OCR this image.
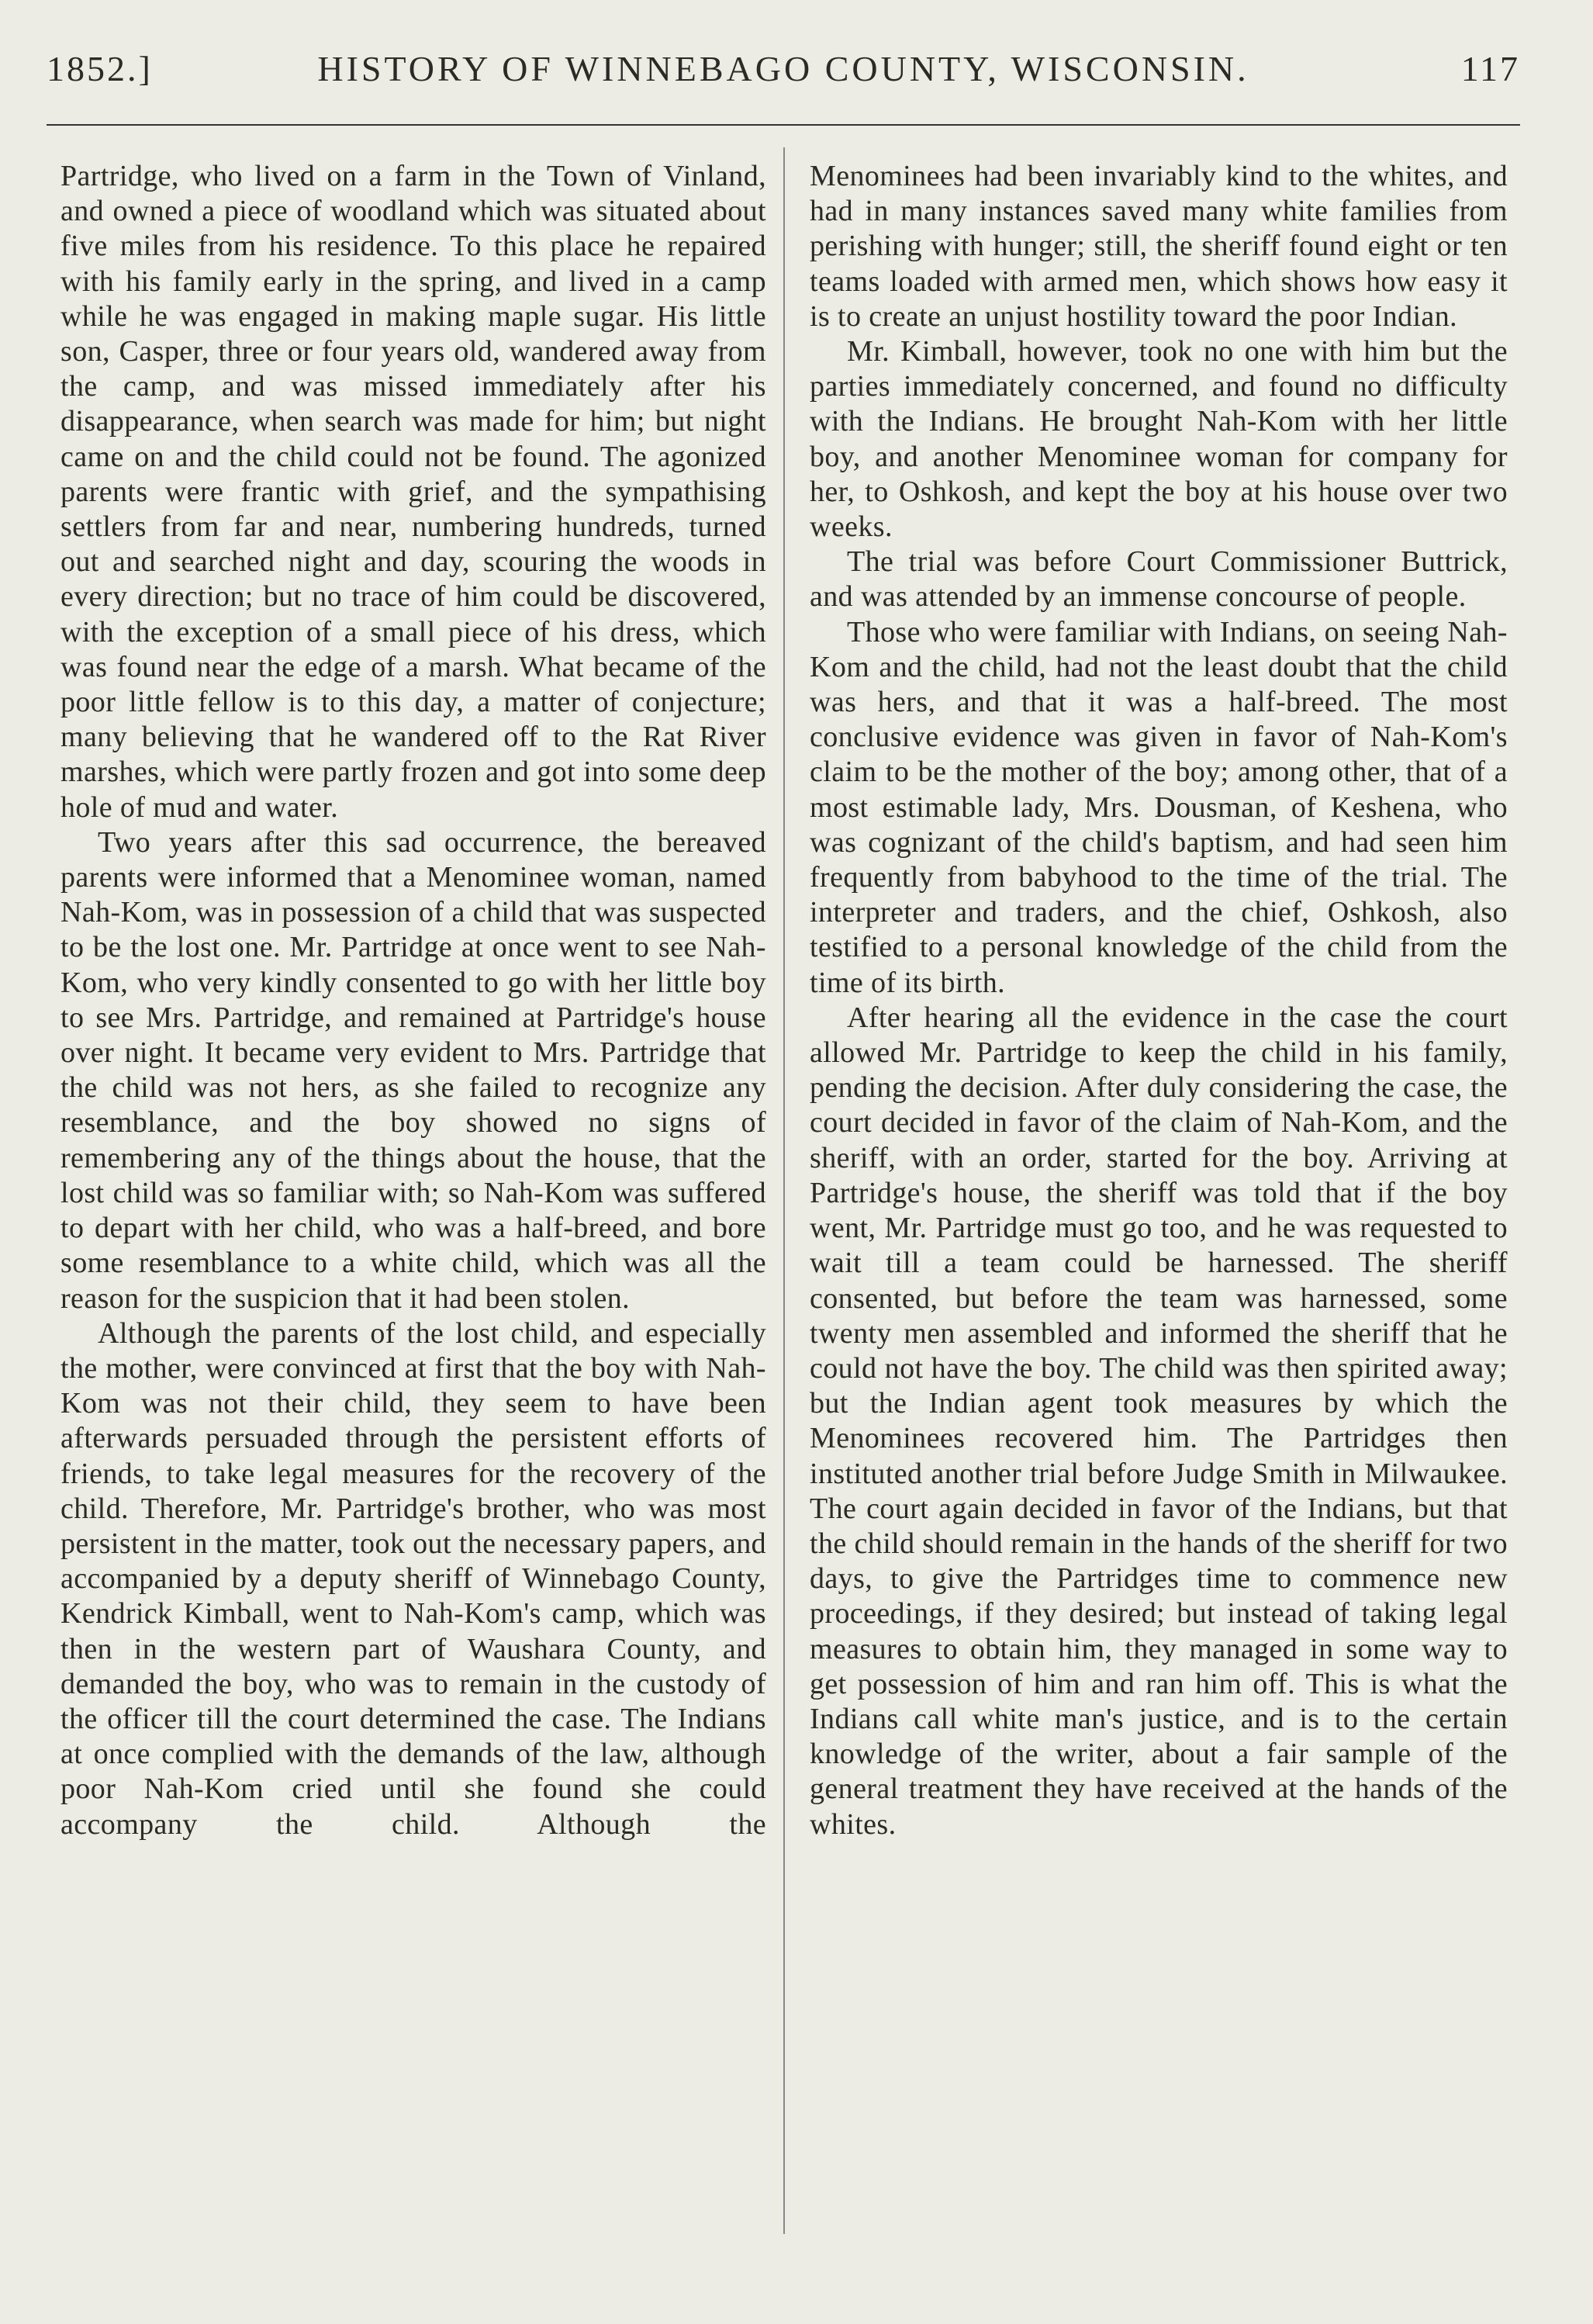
1852.]	HISTORY OF WINNEBAGO COUNTY, WISCONSIN.	117

Partridge, who lived on a farm in the Town of Vinland, and owned a piece of woodland which was situated about five miles from his residence. To this place he repaired with his family early in the spring, and lived in a camp while he was engaged in making maple sugar. His little son, Casper, three or four years old, wandered away from the camp, and was missed immediately after his disappearance, when search was made for him; but night came on and the child could not be found. The agonized parents were frantic with grief, and the sympathising settlers from far and near, numbering hundreds, turned out and searched night and day, scouring the woods in every direction; but no trace of him could be discovered, with the exception of a small piece of his dress, which was found near the edge of a marsh. What became of the poor little fellow is to this day, a matter of conjecture; many believing that he wandered off to the Rat River marshes, which were partly frozen and got into some deep hole of mud and water.

Two years after this sad occurrence, the bereaved parents were informed that a Menominee woman, named Nah-Kom, was in possession of a child that was suspected to be the lost one. Mr. Partridge at once went to see Nah-Kom, who very kindly consented to go with her little boy to see Mrs. Partridge, and remained at Partridge's house over night. It became very evident to Mrs. Partridge that the child was not hers, as she failed to recognize any resemblance, and the boy showed no signs of remembering any of the things about the house, that the lost child was so familiar with; so Nah-Kom was suffered to depart with her child, who was a half-breed, and bore some resemblance to a white child, which was all the reason for the suspicion that it had been stolen.

Although the parents of the lost child, and especially the mother, were convinced at first that the boy with Nah-Kom was not their child, they seem to have been afterwards persuaded through the persistent efforts of friends, to take legal measures for the recovery of the child. Therefore, Mr. Partridge's brother, who was most persistent in the matter, took out the necessary papers, and accompanied by a deputy sheriff of Winnebago County, Kendrick Kimball, went to Nah-Kom's camp, which was then in the western part of Waushara County, and demanded the boy, who was to remain in the custody of the officer till the court determined the case. The Indians at once complied with the demands of the law, although poor Nah-Kom cried until she found she could accompany the child. Although the

Menominees had been invariably kind to the whites, and had in many instances saved many white families from perishing with hunger; still, the sheriff found eight or ten teams loaded with armed men, which shows how easy it is to create an unjust hostility toward the poor Indian.

Mr. Kimball, however, took no one with him but the parties immediately concerned, and found no difficulty with the Indians. He brought Nah-Kom with her little boy, and another Menominee woman for company for her, to Oshkosh, and kept the boy at his house over two weeks.

The trial was before Court Commissioner Buttrick, and was attended by an immense concourse of people.

Those who were familiar with Indians, on seeing Nah-Kom and the child, had not the least doubt that the child was hers, and that it was a half-breed. The most conclusive evidence was given in favor of Nah-Kom's claim to be the mother of the boy; among other, that of a most estimable lady, Mrs. Dousman, of Keshena, who was cognizant of the child's baptism, and had seen him frequently from babyhood to the time of the trial. The interpreter and traders, and the chief, Oshkosh, also testified to a personal knowledge of the child from the time of its birth.

After hearing all the evidence in the case the court allowed Mr. Partridge to keep the child in his family, pending the decision. After duly considering the case, the court decided in favor of the claim of Nah-Kom, and the sheriff, with an order, started for the boy. Arriving at Partridge's house, the sheriff was told that if the boy went, Mr. Partridge must go too, and he was requested to wait till a team could be harnessed. The sheriff consented, but before the team was harnessed, some twenty men assembled and informed the sheriff that he could not have the boy. The child was then spirited away; but the Indian agent took measures by which the Menominees recovered him. The Partridges then instituted another trial before Judge Smith in Milwaukee. The court again decided in favor of the Indians, but that the child should remain in the hands of the sheriff for two days, to give the Partridges time to commence new proceedings, if they desired; but instead of taking legal measures to obtain him, they managed in some way to get possession of him and ran him off. This is what the Indians call white man's justice, and is to the certain knowledge of the writer, about a fair sample of the general treatment they have received at the hands of the whites.
